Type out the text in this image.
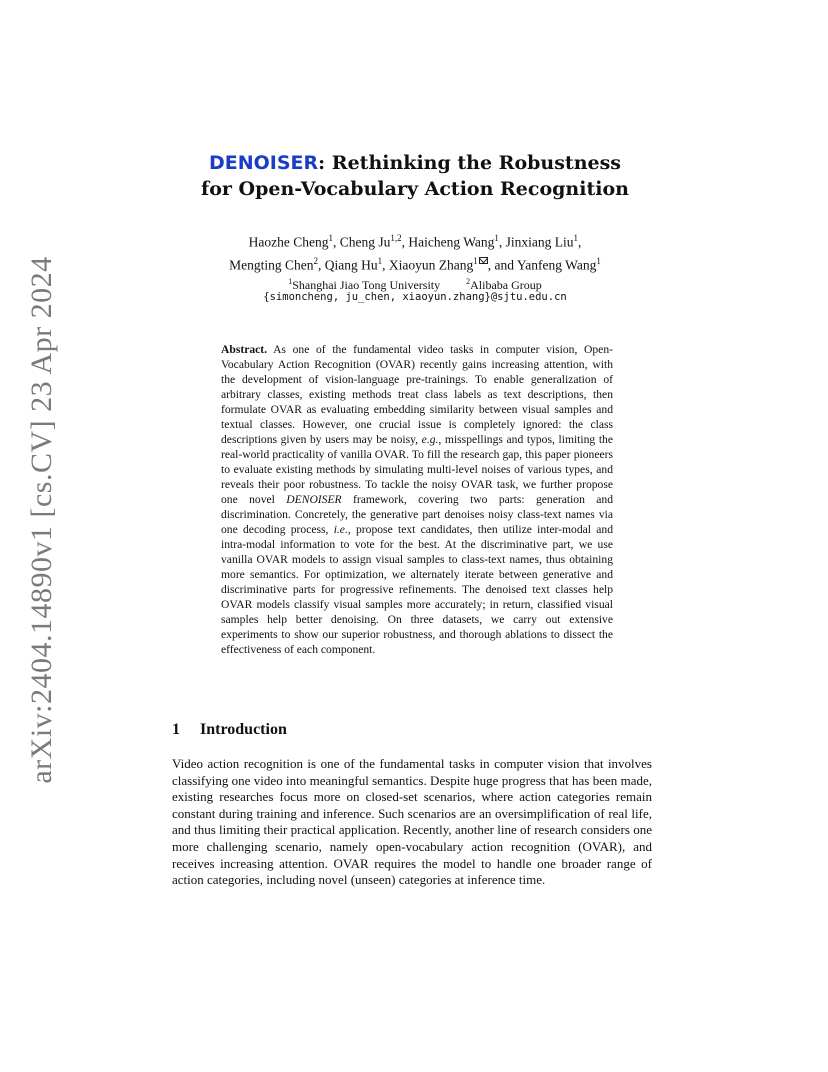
arXiv:2404.14890v1 [cs.CV] 23 Apr 2024
DENOISER: Rethinking the Robustness
for Open-Vocabulary Action Recognition
Haozhe Cheng$^1$, Cheng Ju$^{1,2}$, Haicheng Wang$^1$, Jinxiang Liu$^1$,
Mengting Chen$^2$, Qiang Hu$^1$, Xiaoyun Zhang$^1$ , and Yanfeng Wang$^1$
$^1$Shanghai Jiao Tong University	$^2$Alibaba Group
{simoncheng, ju_chen, xiaoyun.zhang}@sjtu.edu.cn
Abstract. As one of the fundamental video tasks in computer vision, Open-Vocabulary Action Recognition (OVAR) recently gains increasing attention, with the development of vision-language pre-trainings. To enable generalization of arbitrary classes, existing methods treat class labels as text descriptions, then formulate OVAR as evaluating embedding similarity between visual samples and textual classes. However, one crucial issue is completely ignored: the class descriptions given by users may be noisy, e.g., misspellings and typos, limiting the real-world practicality of vanilla OVAR. To fill the research gap, this paper pioneers to evaluate existing methods by simulating multi-level noises of various types, and reveals their poor robustness. To tackle the noisy OVAR task, we further propose one novel DENOISER framework, covering two parts: generation and discrimination. Concretely, the generative part denoises noisy class-text names via one decoding process, i.e., propose text candidates, then utilize inter-modal and intra-modal information to vote for the best. At the discriminative part, we use vanilla OVAR models to assign visual samples to class-text names, thus obtaining more semantics. For optimization, we alternately iterate between generative and discriminative parts for progressive refinements. The denoised text classes help OVAR models classify visual samples more accurately; in return, classified visual samples help better denoising. On three datasets, we carry out extensive experiments to show our superior robustness, and thorough ablations to dissect the effectiveness of each component.
1 Introduction
Video action recognition is one of the fundamental tasks in computer vision that involves classifying one video into meaningful semantics. Despite huge progress that has been made, existing researches focus more on closed-set scenarios, where action categories remain constant during training and inference. Such scenarios are an oversimplification of real life, and thus limiting their practical application. Recently, another line of research considers one more challenging scenario, namely open-vocabulary action recognition (OVAR), and receives increasing attention. OVAR requires the model to handle one broader range of action categories, including novel (unseen) categories at inference time.
